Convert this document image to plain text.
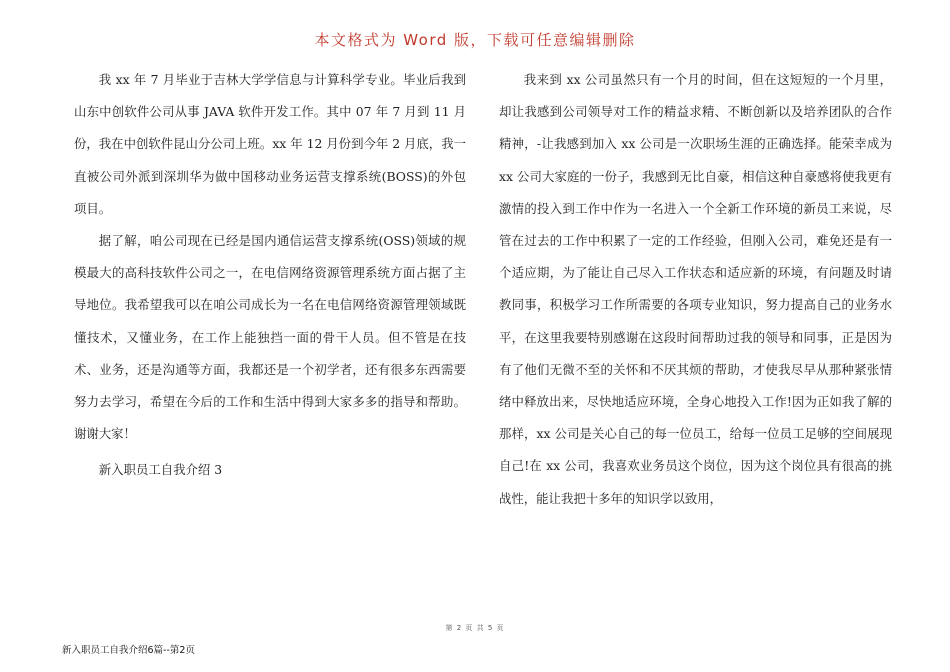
本文格式为 Word 版，下载可任意编辑删除

我 xx 年 7 月毕业于吉林大学学信息与计算科学专业。毕业后我到山东中创软件公司从事 JAVA 软件开发工作。其中 07 年 7 月到 11 月份，我在中创软件昆山分公司上班。xx 年 12 月份到今年 2 月底，我一直被公司外派到深圳华为做中国移动业务运营支撑系统(BOSS)的外包项目。

据了解，咱公司现在已经是国内通信运营支撑系统(OSS)领域的规模最大的高科技软件公司之一，在电信网络资源管理系统方面占据了主导地位。我希望我可以在咱公司成长为一名在电信网络资源管理领域既懂技术，又懂业务，在工作上能独挡一面的骨干人员。但不管是在技术、业务，还是沟通等方面，我都还是一个初学者，还有很多东西需要努力去学习，希望在今后的工作和生活中得到大家多多的指导和帮助。谢谢大家！

新入职员工自我介绍 3

我来到 xx 公司虽然只有一个月的时间，但在这短短的一个月里，却让我感到公司领导对工作的精益求精、不断创新以及培养团队的合作精神，-让我感到加入 xx 公司是一次职场生涯的正确选择。能荣幸成为 xx 公司大家庭的一份子，我感到无比自豪，相信这种自豪感将使我更有激情的投入到工作中作为一名进入一个全新工作环境的新员工来说，尽管在过去的工作中积累了一定的工作经验，但刚入公司，难免还是有一个适应期，为了能让自己尽入工作状态和适应新的环境，有问题及时请教同事，积极学习工作所需要的各项专业知识，努力提高自己的业务水平，在这里我要特别感谢在这段时间帮助过我的领导和同事，正是因为有了他们无微不至的关怀和不厌其烦的帮助，才使我尽早从那种紧张情绪中释放出来，尽快地适应环境，全身心地投入工作!因为正如我了解的那样，xx 公司是关心自己的每一位员工，给每一位员工足够的空间展现自己!在 xx 公司，我喜欢业务员这个岗位，因为这个岗位具有很高的挑战性，能让我把十多年的知识学以致用，

第 2 页 共 5 页
新入职员工自我介绍6篇--第2页
